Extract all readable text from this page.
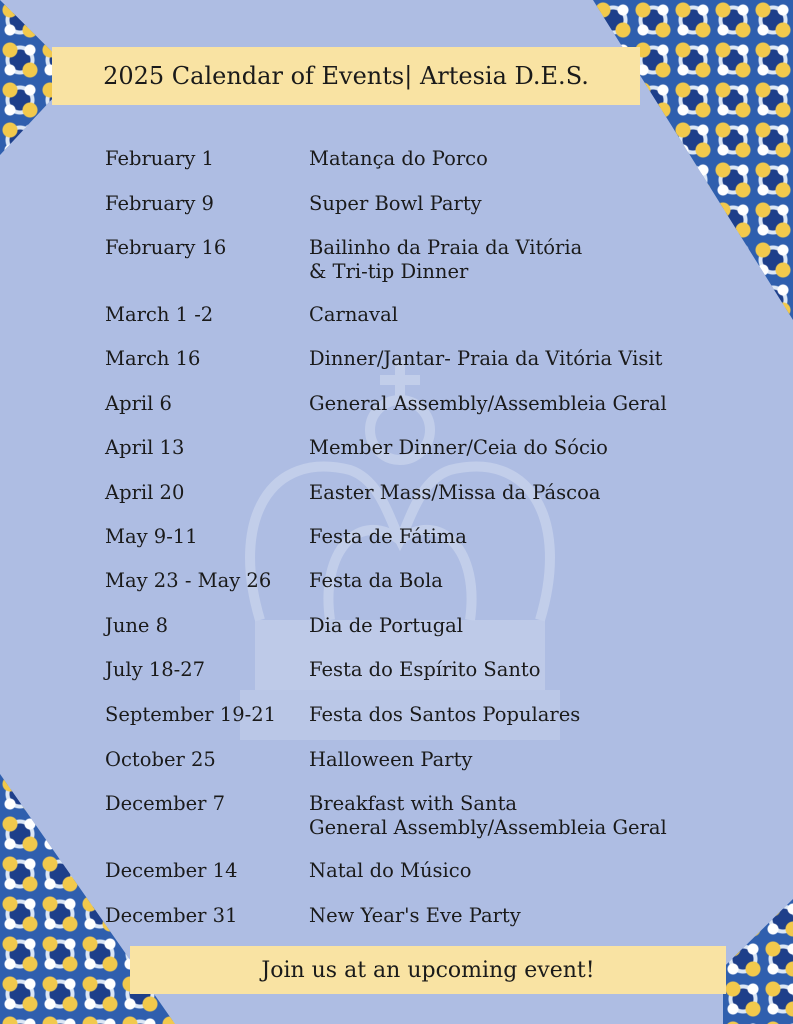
2025 Calendar of Events| Artesia D.E.S.
February 1	Matança do Porco
February 9	Super Bowl Party
February 16	Bailinho da Praia da Vitória
& Tri-tip Dinner
March 1 -2	Carnaval
March 16	Dinner/Jantar- Praia da Vitória Visit
April 6	General Assembly/Assembleia Geral
April 13	Member Dinner/Ceia do Sócio
April 20	Easter Mass/Missa da Páscoa
May 9-11	Festa de Fátima
May 23 - May 26 Festa da Bola
June 8	Dia de Portugal
July 18-27	Festa do Espírito Santo
September 19-21 Festa dos Santos Populares
October 25	Halloween Party
December 7	Breakfast with Santa
General Assembly/Assembleia Geral
December 14	Natal do Músico
December 31	New Year's Eve Party
Join us at an upcoming event!
